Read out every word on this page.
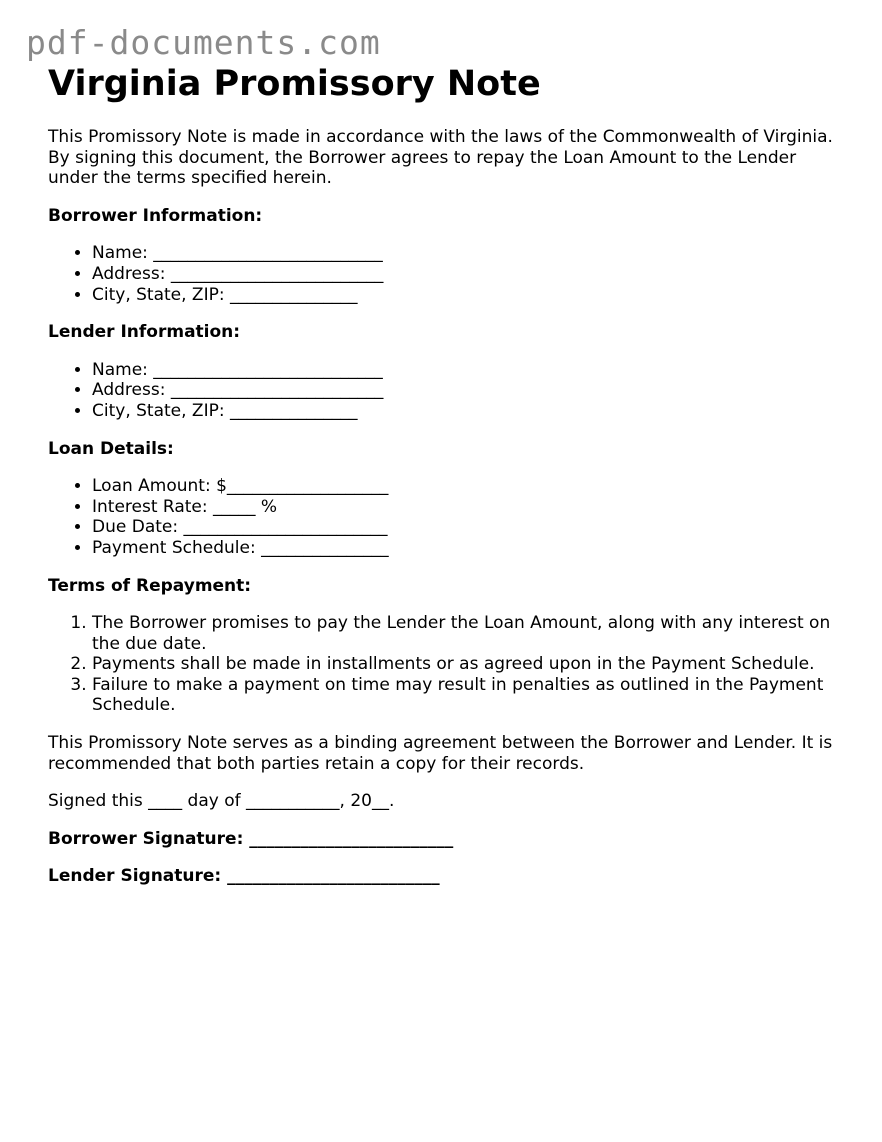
pdf-documents.com
Virginia Promissory Note

This Promissory Note is made in accordance with the laws of the Commonwealth of Virginia. By signing this document, the Borrower agrees to repay the Loan Amount to the Lender under the terms specified herein.

Borrower Information:
• Name: ___________________________
• Address: _________________________
• City, State, ZIP: _______________
Lender Information:
• Name: ___________________________
• Address: _________________________
• City, State, ZIP: _______________
Loan Details:
• Loan Amount: $___________________
• Interest Rate: _____ %
• Due Date: ________________________
• Payment Schedule: _______________
Terms of Repayment:
1. The Borrower promises to pay the Lender the Loan Amount, along with any interest on the due date.
2. Payments shall be made in installments or as agreed upon in the Payment Schedule.
3. Failure to make a payment on time may result in penalties as outlined in the Payment Schedule.

This Promissory Note serves as a binding agreement between the Borrower and Lender. It is recommended that both parties retain a copy for their records.

Signed this ____ day of ___________, 20__.

Borrower Signature: ________________________

Lender Signature: _________________________
